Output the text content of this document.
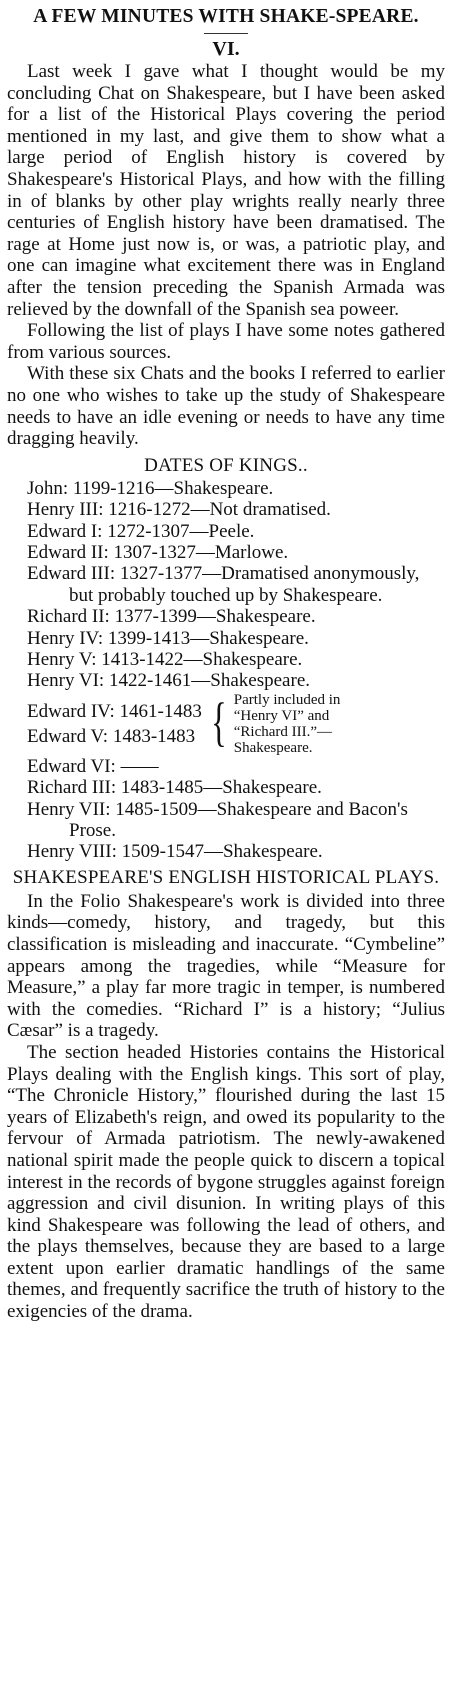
A FEW MINUTES WITH SHAKE-SPEARE.
VI.

Last week I gave what I thought would be my concluding Chat on Shakespeare, but I have been asked for a list of the Historical Plays covering the period mentioned in my last, and give them to show what a large period of English history is covered by Shakespeare's Historical Plays, and how with the filling in of blanks by other play wrights really nearly three centuries of English history have been dramatised. The rage at Home just now is, or was, a patriotic play, and one can imagine what excitement there was in England after the tension preceding the Spanish Armada was relieved by the downfall of the Spanish sea poweer.

Following the list of plays I have some notes gathered from various sources.

With these six Chats and the books I referred to earlier no one who wishes to take up the study of Shakespeare needs to have an idle evening or needs to have any time dragging heavily.

DATES OF KINGS..
John: 1199-1216—Shakespeare.
Henry III: 1216-1272—Not dramatised.
Edward I: 1272-1307—Peele.
Edward II: 1307-1327—Marlowe.
Edward III: 1327-1377—Dramatised anonymously, but probably touched up by Shakespeare.
Richard II: 1377-1399—Shakespeare.
Henry IV: 1399-1413—Shakespeare.
Henry V: 1413-1422—Shakespeare.
Henry VI: 1422-1461—Shakespeare.
Edward IV: 1461-1483
Edward V: 1483-1483 { Partly included in
“Henry VI” and
“Richard III.”—
Shakespeare.
Edward VI: ——
Richard III: 1483-1485—Shakespeare.
Henry VII: 1485-1509—Shakespeare and Bacon's Prose.
Henry VIII: 1509-1547—Shakespeare.
SHAKESPEARE'S ENGLISH HISTORICAL PLAYS.

In the Folio Shakespeare's work is divided into three kinds—comedy, history, and tragedy, but this classification is misleading and inaccurate. “Cymbeline” appears among the tragedies, while “Measure for Measure,” a play far more tragic in temper, is numbered with the comedies. “Richard I” is a history; “Julius Cæsar” is a tragedy.

The section headed Histories contains the Historical Plays dealing with the English kings. This sort of play, “The Chronicle History,” flourished during the last 15 years of Elizabeth's reign, and owed its popularity to the fervour of Armada patriotism. The newly-awakened national spirit made the people quick to discern a topical interest in the records of bygone struggles against foreign aggression and civil disunion. In writing plays of this kind Shakespeare was following the lead of others, and the plays themselves, because they are based to a large extent upon earlier dramatic handlings of the same themes, and frequently sacrifice the truth of history to the exigencies of the drama.
